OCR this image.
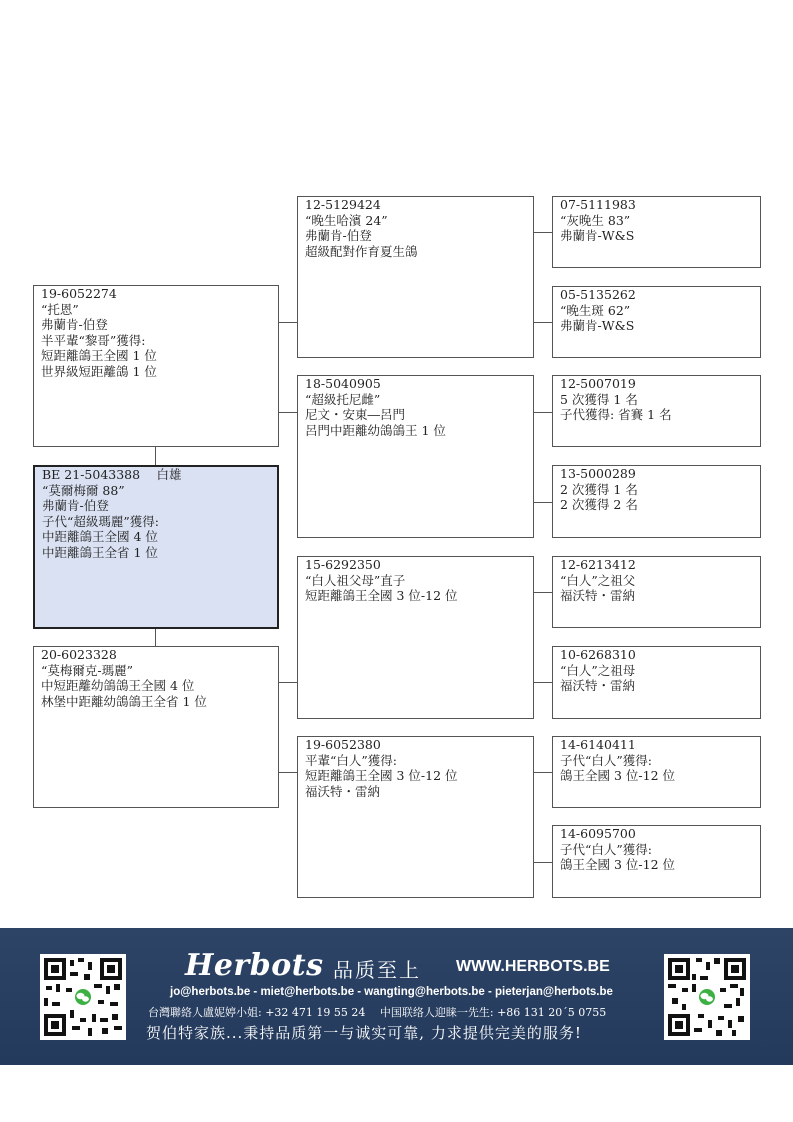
19-6052274
“托恩”
弗蘭肯-伯登
半平輩“黎哥”獲得:
短距離鴿王全國 1 位
世界級短距離鴿 1 位
BE 21-5043388 　白雄
“莫爾梅爾 88”
弗蘭肯-伯登
子代“超級瑪麗”獲得:
中距離鴿王全國 4 位
中距離鴿王全省 1 位
20-6023328
“莫梅爾克-瑪麗”
中短距離幼鴿鴿王全國 4 位
林堡中距離幼鴿鴿王全省 1 位
12-5129424
“晚生哈濱 24”
弗蘭肯-伯登
超級配對作育夏生鴿
18-5040905
“超級托尼雌”
尼文・安東―呂門
呂門中距離幼鴿鴿王 1 位
15-6292350
“白人祖父母”直子
短距離鴿王全國 3 位-12 位
19-6052380
平輩“白人”獲得:
短距離鴿王全國 3 位-12 位
福沃特・雷納
07-5111983
“灰晚生 83”
弗蘭肯-W&S
05-5135262
“晚生斑 62”
弗蘭肯-W&S
12-5007019
5 次獲得 1 名
子代獲得: 省賽 1 名
13-5000289
2 次獲得 1 名
2 次獲得 2 名
12-6213412
“白人”之祖父
福沃特・雷納
10-6268310
“白人”之祖母
福沃特・雷納
14-6140411
子代“白人”獲得:
鴿王全國 3 位-12 位
14-6095700
子代“白人”獲得:
鴿王全國 3 位-12 位
Herbots 品质至上 WWW.HERBOTS.BE
jo@herbots.be - miet@herbots.be - wangting@herbots.be - pieterjan@herbots.be
台灣聯絡人盧妮婷小姐: +32 471 19 55 24　 中国联络人迎睐一先生: +86 131 20´5 0755
贺伯特家族...秉持品质第一与诚实可靠, 力求提供完美的服务!
